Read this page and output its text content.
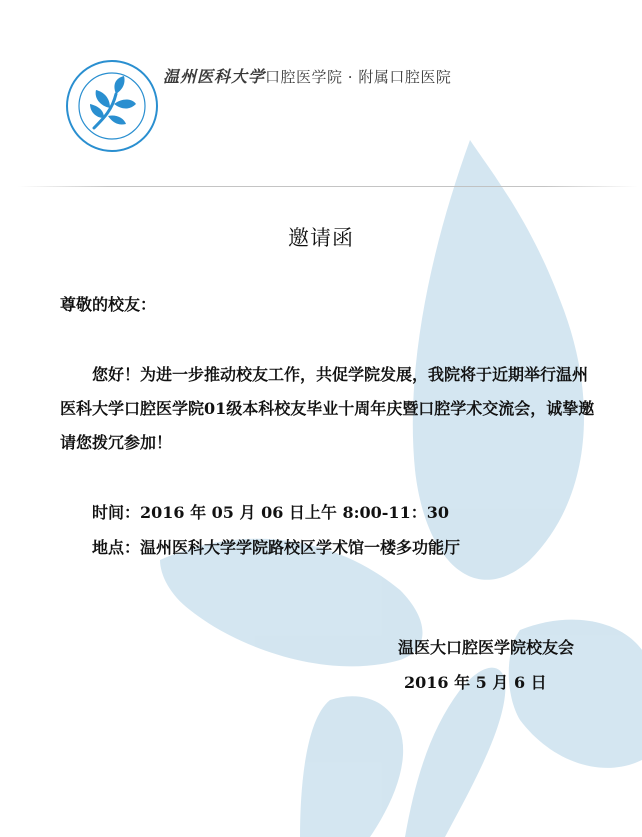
温州医科大学口腔医学院 · 附属口腔医院
邀请函
尊敬的校友：
您好！为进一步推动校友工作，共促学院发展，我院将于近期举行温州医科大学口腔医学院01级本科校友毕业十周年庆暨口腔学术交流会，诚挚邀请您拨冗参加！
时间：2016 年 05 月 06 日上午 8:00-11：30
地点：温州医科大学学院路校区学术馆一楼多功能厅
温医大口腔医学院校友会
2016 年 5 月 6 日
